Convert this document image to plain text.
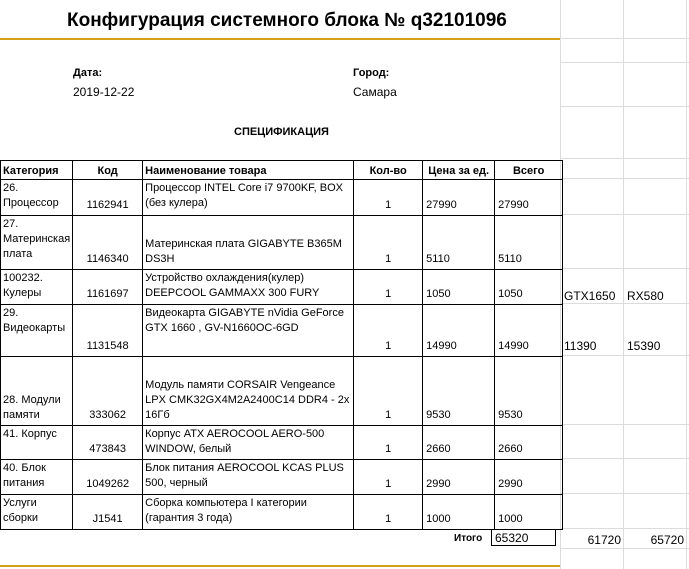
Конфигурация системного блока № q32101096
Дата:
2019-12-22
Город:
Самара
СПЕЦИФИКАЦИЯ
Категория	Код	Наименование товара	Кол-во	Цена за ед.	Всего
26. Процессор	1162941	Процессор INTEL Core i7 9700KF, BOX (без кулера)	1	27990	27990
27. Материнская плата	1146340	Материнская плата GIGABYTE B365M DS3H	1	5110	5110
100232. Кулеры	1161697	Устройство охлаждения(кулер) DEEPCOOL GAMMAXX 300 FURY	1	1050	1050
29. Видеокарты	1131548	Видеокарта GIGABYTE nVidia GeForce GTX 1660 , GV-N1660OC-6GD	1	14990	14990
28. Модули памяти	333062	Модуль памяти CORSAIR Vengeance LPX CMK32GX4M2A2400C14 DDR4 - 2x 16Гб	1	9530	9530
41. Корпус	473843	Корпус ATX AEROCOOL AERO-500 WINDOW, белый	1	2660	2660
40. Блок питания	1049262	Блок питания AEROCOOL KCAS PLUS 500, черный	1	2990	2990
Услуги сборки	J1541	Сборка компьютера I категории (гарантия 3 года)	1	1000	1000
Итого	65320
GTX1650 RX580
11390	15390
61720	65720
